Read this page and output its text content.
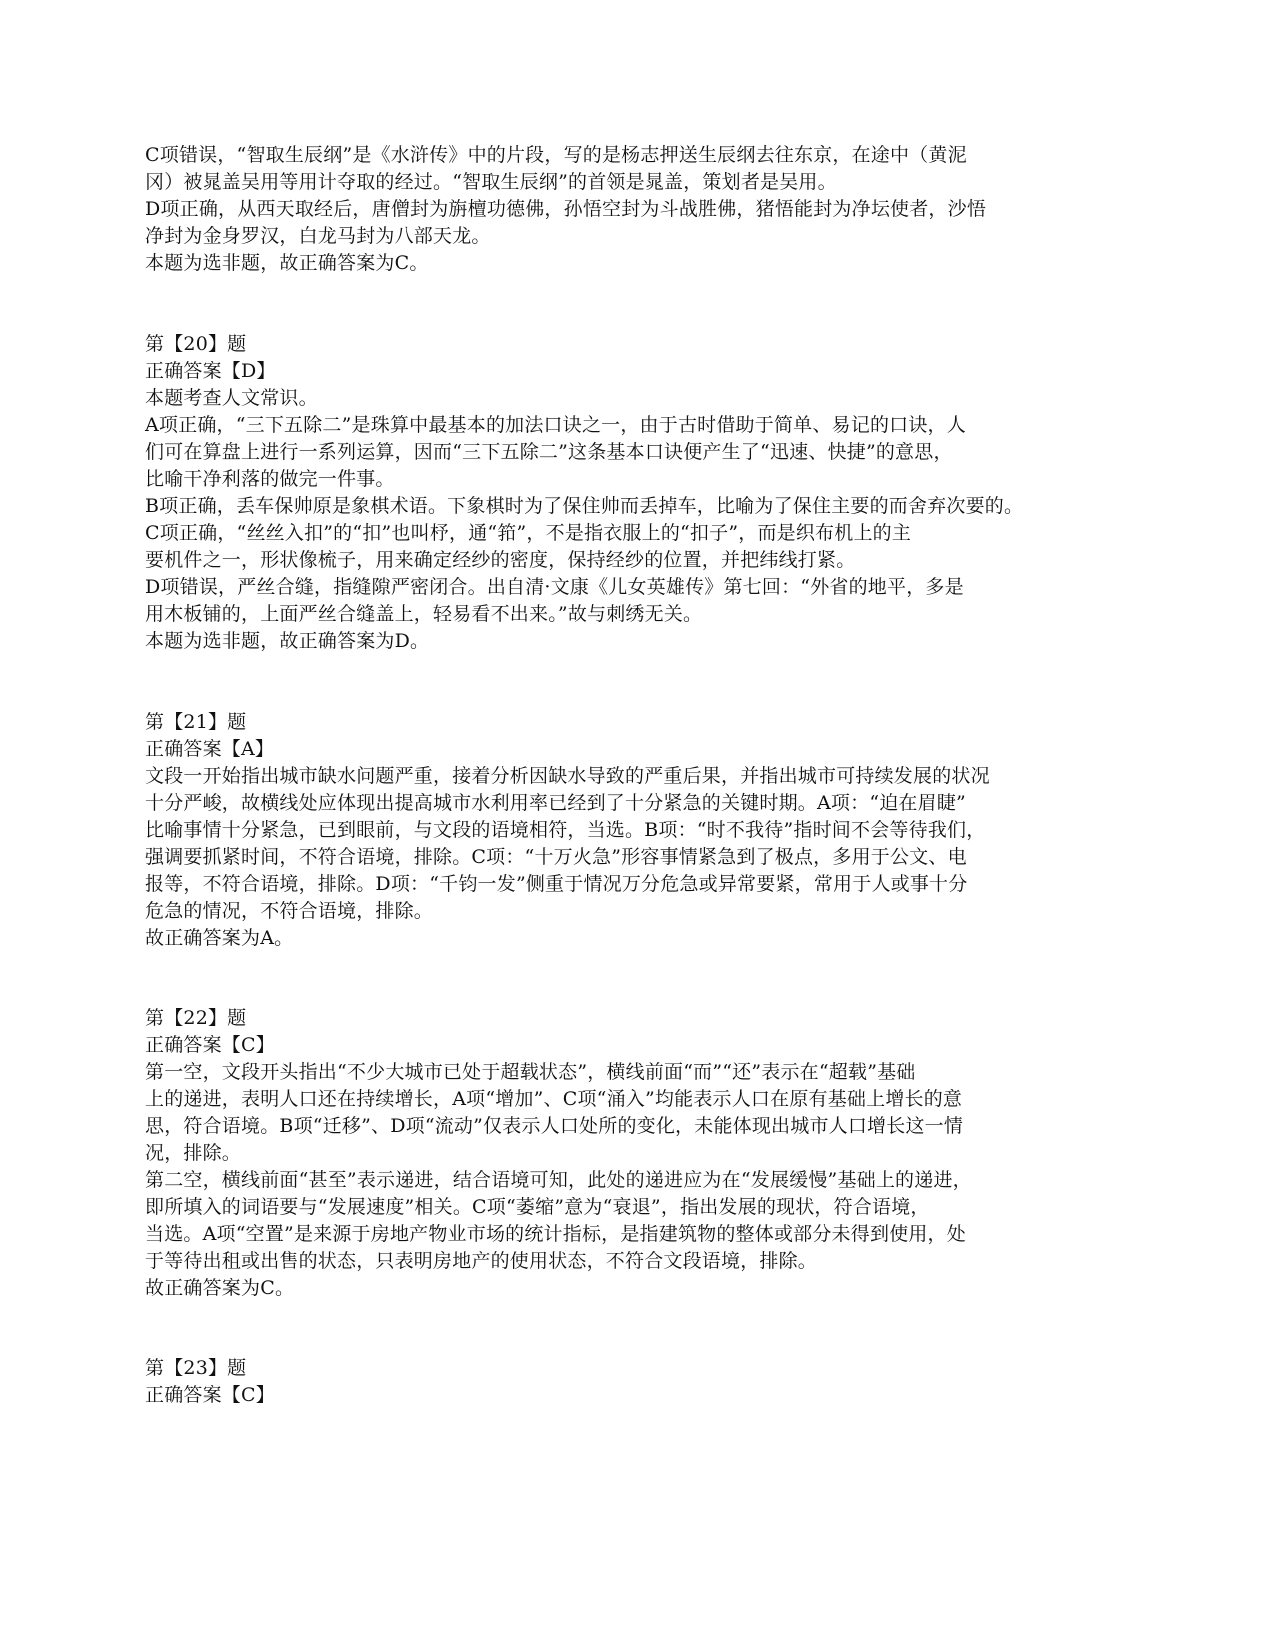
C项错误，“智取生辰纲”是《水浒传》中的片段，写的是杨志押送生辰纲去往东京，在途中（黄泥
冈）被晁盖吴用等用计夺取的经过。“智取生辰纲”的首领是晁盖，策划者是吴用。
D项正确，从西天取经后，唐僧封为旃檀功德佛，孙悟空封为斗战胜佛，猪悟能封为净坛使者，沙悟
净封为金身罗汉，白龙马封为八部天龙。
本题为选非题，故正确答案为C。
第【20】题
正确答案【D】
本题考查人文常识。
A项正确，“三下五除二”是珠算中最基本的加法口诀之一，由于古时借助于简单、易记的口诀，人
们可在算盘上进行一系列运算，因而“三下五除二”这条基本口诀便产生了“迅速、快捷”的意思，
比喻干净利落的做完一件事。
B项正确，丢车保帅原是象棋术语。下象棋时为了保住帅而丢掉车，比喻为了保住主要的而舍弃次要的。
C项正确，“丝丝入扣”的“扣”也叫杼，通“筘”，不是指衣服上的“扣子”，而是织布机上的主
要机件之一，形状像梳子，用来确定经纱的密度，保持经纱的位置，并把纬线打紧。
D项错误，严丝合缝，指缝隙严密闭合。出自清·文康《儿女英雄传》第七回：“外省的地平，多是
用木板铺的，上面严丝合缝盖上，轻易看不出来。”故与刺绣无关。
本题为选非题，故正确答案为D。
第【21】题
正确答案【A】
文段一开始指出城市缺水问题严重，接着分析因缺水导致的严重后果，并指出城市可持续发展的状况
十分严峻，故横线处应体现出提高城市水利用率已经到了十分紧急的关键时期。A项：“迫在眉睫”
比喻事情十分紧急，已到眼前，与文段的语境相符，当选。B项：“时不我待”指时间不会等待我们，
强调要抓紧时间，不符合语境，排除。C项：“十万火急”形容事情紧急到了极点，多用于公文、电
报等，不符合语境，排除。D项：“千钧一发”侧重于情况万分危急或异常要紧，常用于人或事十分
危急的情况，不符合语境，排除。
故正确答案为A。
第【22】题
正确答案【C】
第一空，文段开头指出“不少大城市已处于超载状态”，横线前面“而”“还”表示在“超载”基础
上的递进，表明人口还在持续增长，A项“增加”、C项“涌入”均能表示人口在原有基础上增长的意
思，符合语境。B项“迁移”、D项“流动”仅表示人口处所的变化，未能体现出城市人口增长这一情
况，排除。
第二空，横线前面“甚至”表示递进，结合语境可知，此处的递进应为在“发展缓慢”基础上的递进，
即所填入的词语要与“发展速度”相关。C项“萎缩”意为“衰退”，指出发展的现状，符合语境，
当选。A项“空置”是来源于房地产物业市场的统计指标，是指建筑物的整体或部分未得到使用，处
于等待出租或出售的状态，只表明房地产的使用状态，不符合文段语境，排除。
故正确答案为C。
第【23】题
正确答案【C】
